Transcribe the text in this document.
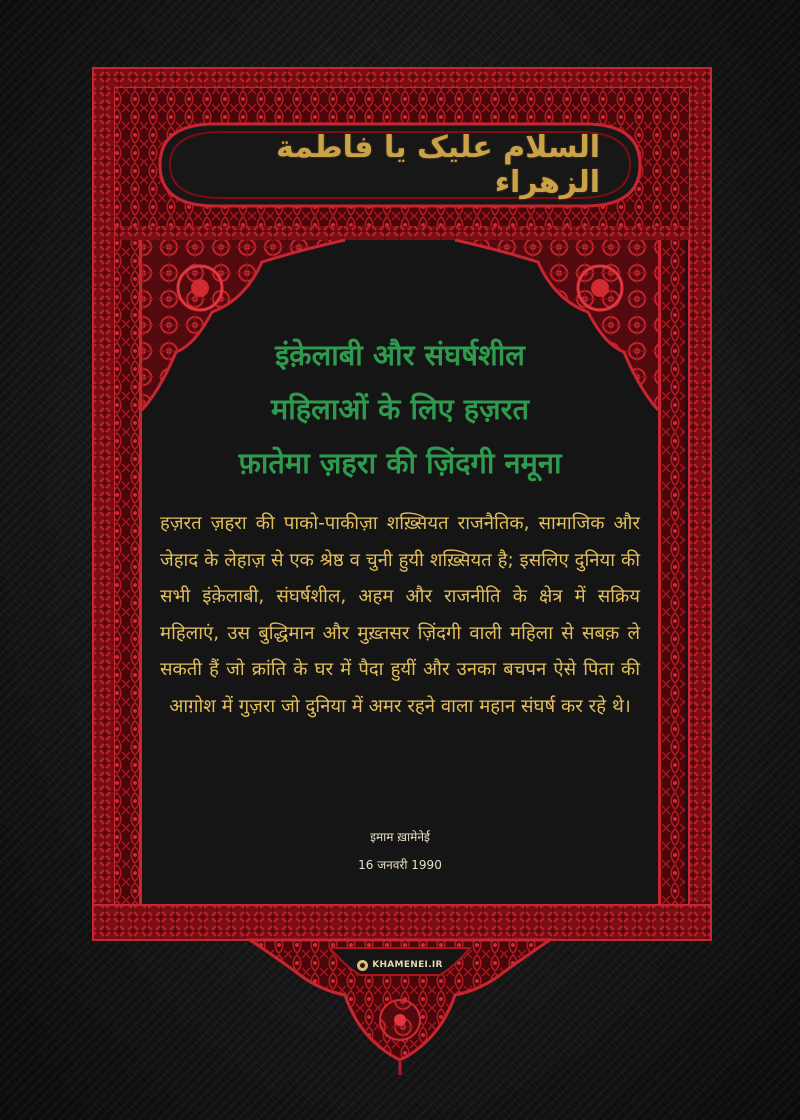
السلام علیک یا فاطمة الزهراء

इंक़ेलाबी और संघर्षशील

महिलाओं के लिए हज़रत

फ़ातेमा ज़हरा की ज़िंदगी नमूना

हज़रत ज़हरा की पाको-पाकीज़ा शख़्सियत राजनैतिक, सामाजिक और जेहाद के लेहाज़ से एक श्रेष्ठ व चुनी हुयी शख़्सियत है; इसलिए दुनिया की सभी इंक़ेलाबी, संघर्षशील, अहम और राजनीति के क्षेत्र में सक्रिय महिलाएं, उस बुद्धिमान और मुख़्तसर ज़िंदगी वाली महिला से सबक़ ले सकती हैं जो क्रांति के घर में पैदा हुयीं और उनका बचपन ऐसे पिता की आग़ोश में गुज़रा जो दुनिया में अमर रहने वाला महान संघर्ष कर रहे थे।

इमाम ख़ामेनेई

16 जनवरी 1990

KHAMENEI.IR
